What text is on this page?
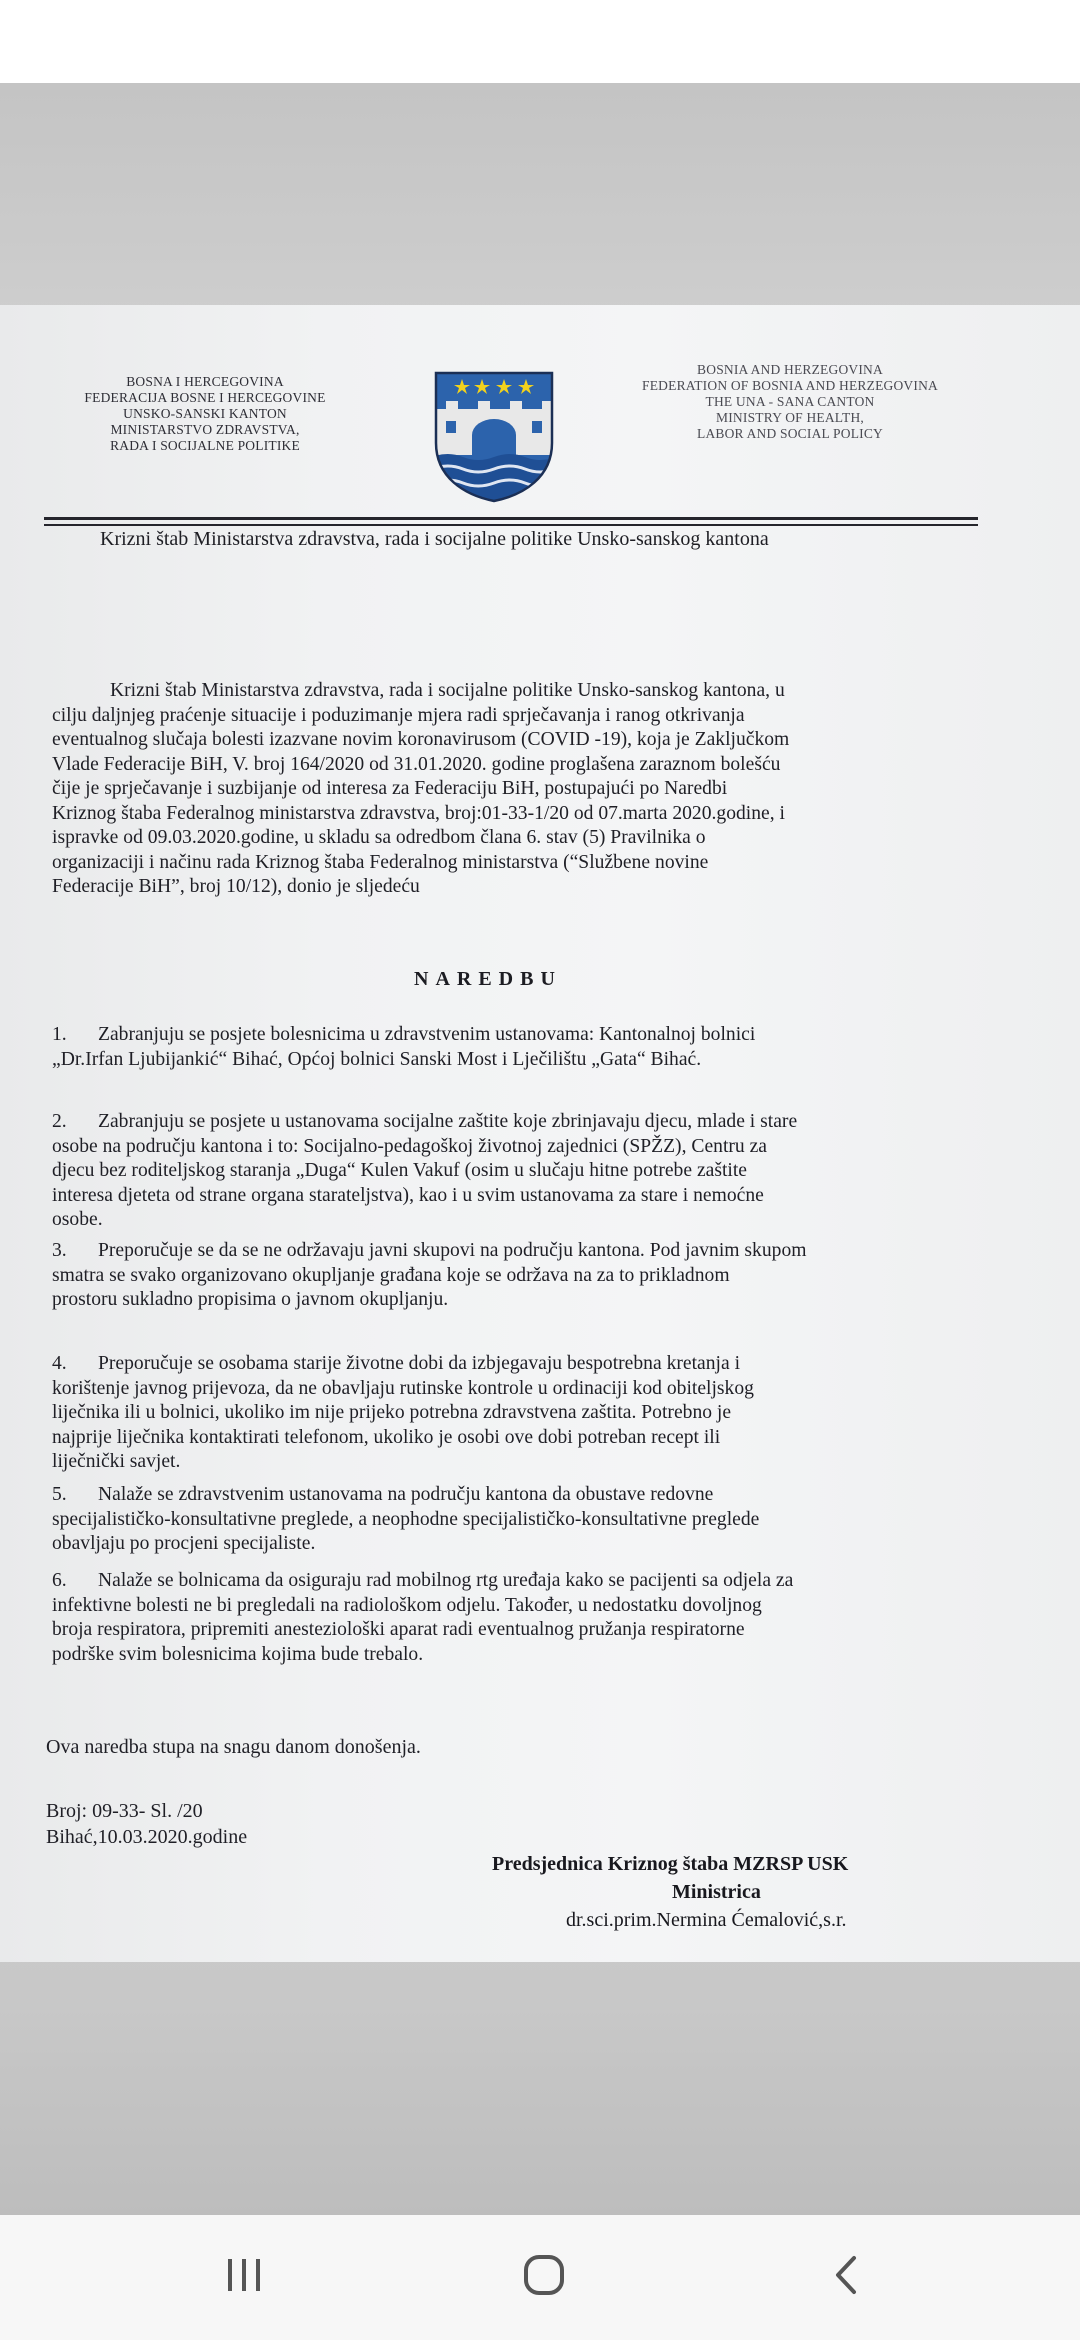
BOSNA I HERCEGOVINA
FEDERACIJA BOSNE I HERCEGOVINE
UNSKO-SANSKI KANTON
MINISTARSTVO ZDRAVSTVA,
RADA I SOCIJALNE POLITIKE
BOSNIA AND HERZEGOVINA
FEDERATION OF BOSNIA AND HERZEGOVINA
THE UNA - SANA CANTON
MINISTRY OF HEALTH,
LABOR AND SOCIAL POLICY
Krizni štab Ministarstva zdravstva, rada i socijalne politike Unsko-sanskog kantona
Krizni štab Ministarstva zdravstva, rada i socijalne politike Unsko-sanskog kantona, u
cilju daljnjeg praćenje situacije i poduzimanje mjera radi sprječavanja i ranog otkrivanja
eventualnog slučaja bolesti izazvane novim koronavirusom (COVID -19), koja je Zaključkom
Vlade Federacije BiH, V. broj 164/2020 od 31.01.2020. godine proglašena zaraznom bolešću
čije je sprječavanje i suzbijanje od interesa za Federaciju BiH, postupajući po Naredbi
Kriznog štaba Federalnog ministarstva zdravstva, broj:01-33-1/20 od 07.marta 2020.godine, i
ispravke od 09.03.2020.godine, u skladu sa odredbom člana 6. stav (5) Pravilnika o
organizaciji i načinu rada Kriznog štaba Federalnog ministarstva (“Službene novine
Federacije BiH”, broj 10/12), donio je sljedeću
NAREDBU
1. Zabranjuju se posjete bolesnicima u zdravstvenim ustanovama: Kantonalnoj bolnici
„Dr.Irfan Ljubijankić“ Bihać, Općoj bolnici Sanski Most i Lječilištu „Gata“ Bihać.
2. Zabranjuju se posjete u ustanovama socijalne zaštite koje zbrinjavaju djecu, mlade i stare
osobe na području kantona i to: Socijalno-pedagoškoj životnoj zajednici (SPŽZ), Centru za
djecu bez roditeljskog staranja „Duga“ Kulen Vakuf (osim u slučaju hitne potrebe zaštite
interesa djeteta od strane organa starateljstva), kao i u svim ustanovama za stare i nemoćne
osobe.
3. Preporučuje se da se ne održavaju javni skupovi na području kantona. Pod javnim skupom
smatra se svako organizovano okupljanje građana koje se održava na za to prikladnom
prostoru sukladno propisima o javnom okupljanju.
4. Preporučuje se osobama starije životne dobi da izbjegavaju bespotrebna kretanja i
korištenje javnog prijevoza, da ne obavljaju rutinske kontrole u ordinaciji kod obiteljskog
liječnika ili u bolnici, ukoliko im nije prijeko potrebna zdravstvena zaštita. Potrebno je
najprije liječnika kontaktirati telefonom, ukoliko je osobi ove dobi potreban recept ili
liječnički savjet.
5. Nalaže se zdravstvenim ustanovama na području kantona da obustave redovne
specijalističko-konsultativne preglede, a neophodne specijalističko-konsultativne preglede
obavljaju po procjeni specijaliste.
6. Nalaže se bolnicama da osiguraju rad mobilnog rtg uređaja kako se pacijenti sa odjela za
infektivne bolesti ne bi pregledali na radiološkom odjelu. Također, u nedostatku dovoljnog
broja respiratora, pripremiti anesteziološki aparat radi eventualnog pružanja respiratorne
podrške svim bolesnicima kojima bude trebalo.
Ova naredba stupa na snagu danom donošenja.
Broj: 09-33- Sl. /20
Bihać,10.03.2020.godine
Predsjednica Kriznog štaba MZRSP USK
Ministrica
dr.sci.prim.Nermina Ćemalović,s.r.
